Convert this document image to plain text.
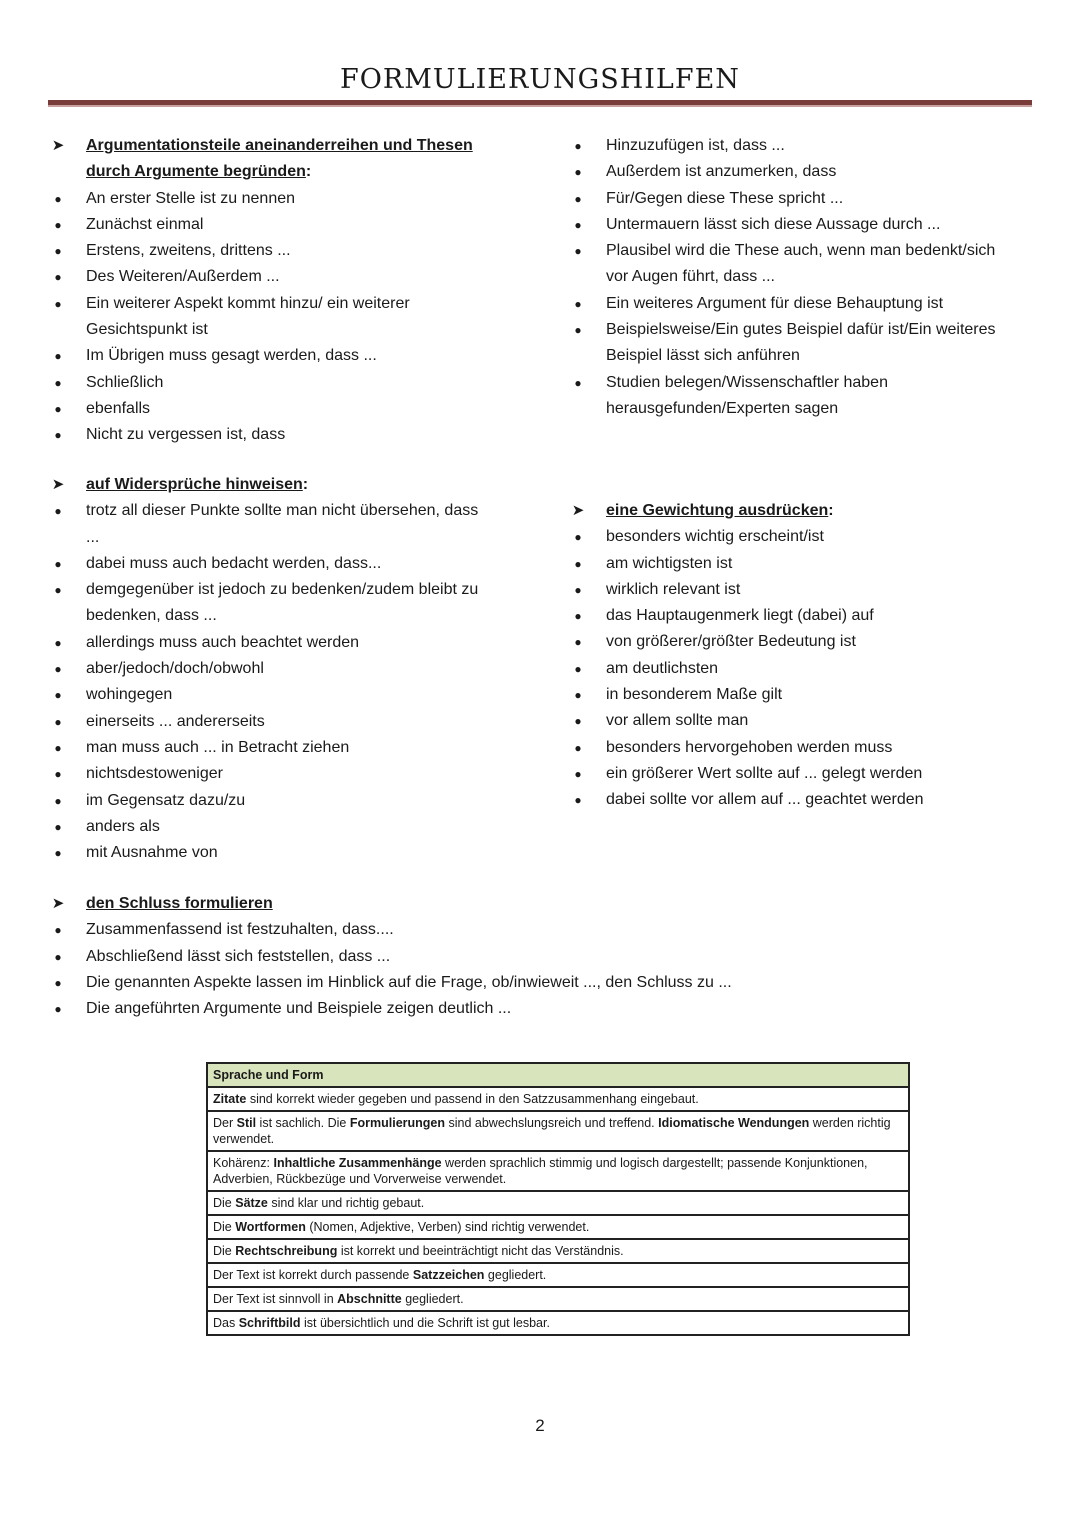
FORMULIERUNGSHILFEN
➤ Argumentationsteile aneinanderreihen und Thesen
durch Argumente begründen:
● An erster Stelle ist zu nennen
● Zunächst einmal
● Erstens, zweitens, drittens ...
● Des Weiteren/Außerdem ...
● Ein weiterer Aspekt kommt hinzu/ ein weiterer
Gesichtspunkt ist
● Im Übrigen muss gesagt werden, dass ...
● Schließlich
● ebenfalls
● Nicht zu vergessen ist, dass
● Hinzuzufügen ist, dass ...
● Außerdem ist anzumerken, dass
● Für/Gegen diese These spricht ...
● Untermauern lässt sich diese Aussage durch ...
● Plausibel wird die These auch, wenn man bedenkt/sich
vor Augen führt, dass ...
● Ein weiteres Argument für diese Behauptung ist
● Beispielsweise/Ein gutes Beispiel dafür ist/Ein weiteres
Beispiel lässt sich anführen
● Studien belegen/Wissenschaftler haben
herausgefunden/Experten sagen
➤ auf Widersprüche hinweisen:
● trotz all dieser Punkte sollte man nicht übersehen, dass
...
● dabei muss auch bedacht werden, dass...
● demgegenüber ist jedoch zu bedenken/zudem bleibt zu
bedenken, dass ...
● allerdings muss auch beachtet werden
● aber/jedoch/doch/obwohl
● wohingegen
● einerseits ... andererseits
● man muss auch ... in Betracht ziehen
● nichtsdestoweniger
● im Gegensatz dazu/zu
● anders als
● mit Ausnahme von
➤ eine Gewichtung ausdrücken:
● besonders wichtig erscheint/ist
● am wichtigsten ist
● wirklich relevant ist
● das Hauptaugenmerk liegt (dabei) auf
● von größerer/größter Bedeutung ist
● am deutlichsten
● in besonderem Maße gilt
● vor allem sollte man
● besonders hervorgehoben werden muss
● ein größerer Wert sollte auf ... gelegt werden
● dabei sollte vor allem auf ... geachtet werden
➤ den Schluss formulieren
● Zusammenfassend ist festzuhalten, dass....
● Abschließend lässt sich feststellen, dass ...
● Die genannten Aspekte lassen im Hinblick auf die Frage, ob/inwieweit ..., den Schluss zu ...
● Die angeführten Argumente und Beispiele zeigen deutlich ...
Sprache und Form
Zitate sind korrekt wieder gegeben und passend in den Satzzusammenhang eingebaut.
Der Stil ist sachlich. Die Formulierungen sind abwechslungsreich und treffend. Idiomatische Wendungen werden richtig verwendet.
Kohärenz: Inhaltliche Zusammenhänge werden sprachlich stimmig und logisch dargestellt; passende Konjunktionen, Adverbien, Rückbezüge und Vorverweise verwendet.
Die Sätze sind klar und richtig gebaut.
Die Wortformen (Nomen, Adjektive, Verben) sind richtig verwendet.
Die Rechtschreibung ist korrekt und beeinträchtigt nicht das Verständnis.
Der Text ist korrekt durch passende Satzzeichen gegliedert.
Der Text ist sinnvoll in Abschnitte gegliedert.
Das Schriftbild ist übersichtlich und die Schrift ist gut lesbar.
2
